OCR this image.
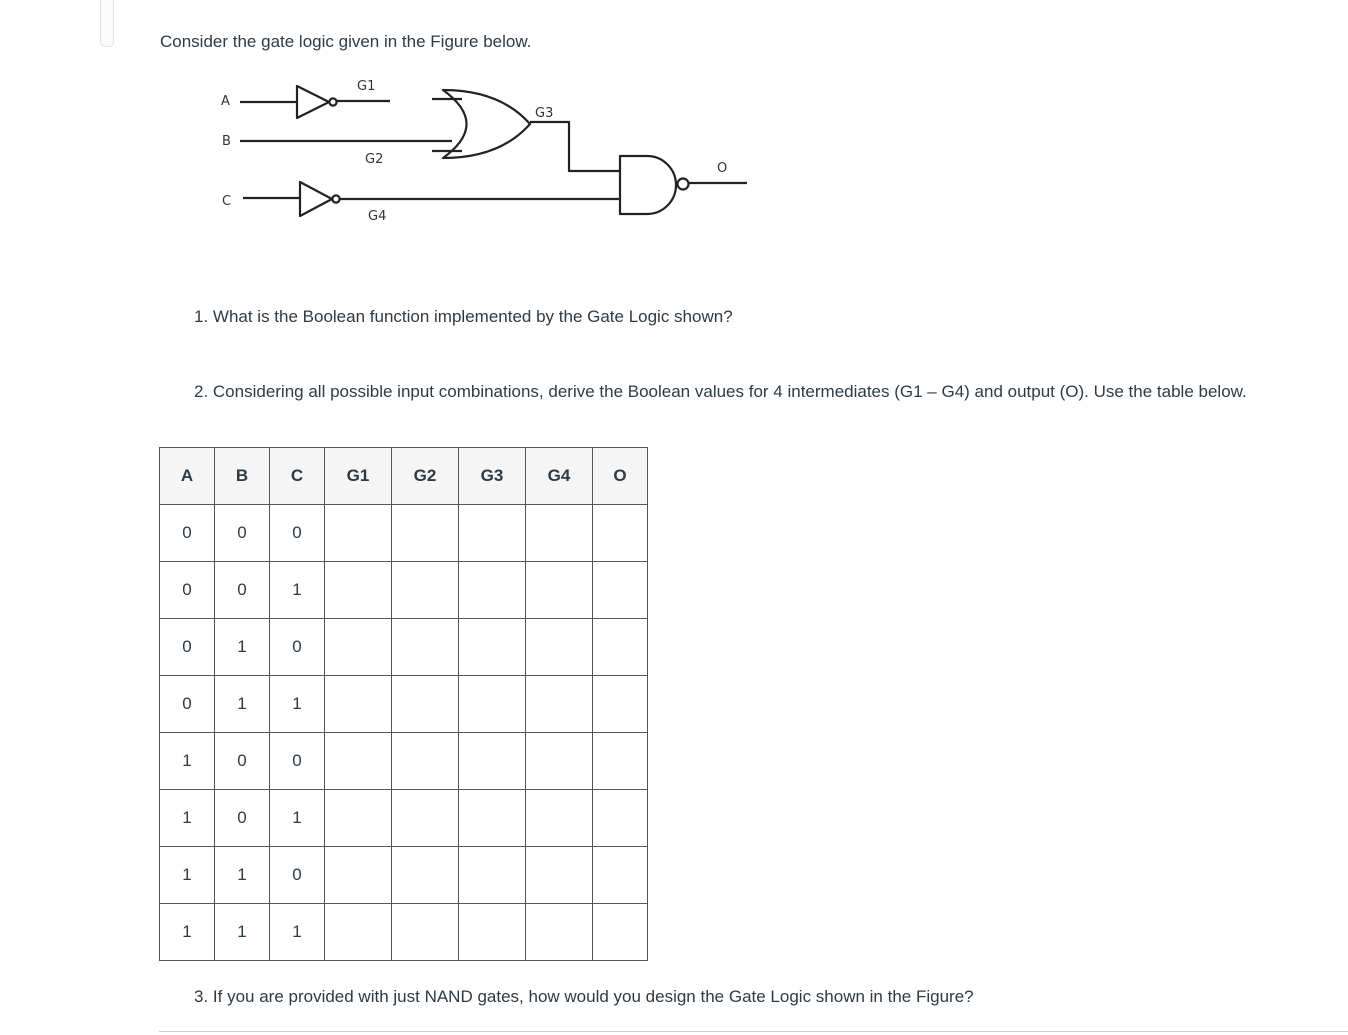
Consider the gate logic given in the Figure below.
A
B
C
G1
G2
G3
G4
O
1. What is the Boolean function implemented by the Gate Logic shown?
2. Considering all possible input combinations, derive the Boolean values for 4 intermediates (G1 – G4) and output (O). Use the table below.
A	B	C	G1	G2	G3	G4	O
0	0	0					
0	0	1					
0	1	0					
0	1	1					
1	0	0					
1	0	1					
1	1	0					
1	1	1					
3. If you are provided with just NAND gates, how would you design the Gate Logic shown in the Figure?
